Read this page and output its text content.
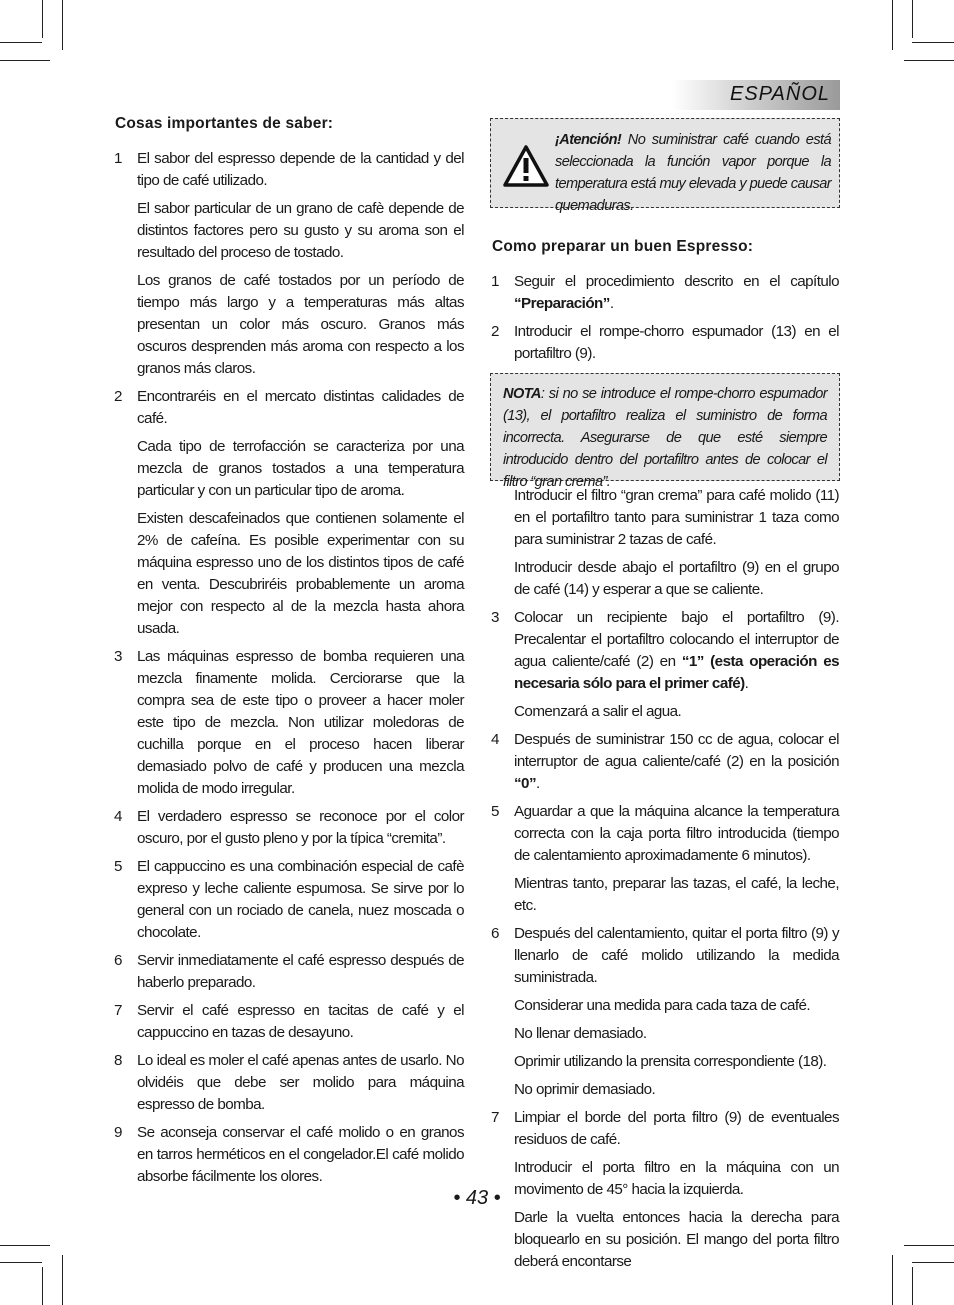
ESPAÑOL
Cosas importantes de saber:
1 El sabor del espresso depende de la cantidad y del tipo de café utilizado.

El sabor particular de un grano de cafè depende de distintos factores pero su gusto y su aroma son el resultado del proceso de tostado.

Los granos de café tostados por un período de tiempo más largo y a temperaturas más altas presentan un color más oscuro. Granos más oscuros desprenden más aroma con respecto a los granos más claros.

2 Encontraréis en el mercato distintas calidades de café.

Cada tipo de terrofacción se caracteriza por una mezcla de granos tostados a una temperatura particular y con un particular tipo de aroma.

Existen descafeinados que contienen solamente el 2% de cafeína. Es posible experimentar con su máquina espresso uno de los distintos tipos de café en venta. Descubriréis probablemente un aroma mejor con respecto al de la mezcla hasta ahora usada.

3 Las máquinas espresso de bomba requieren una mezcla finamente molida. Cerciorarse que la compra sea de este tipo o proveer a hacer moler este tipo de mezcla. Non utilizar moledoras de cuchilla porque en el proceso hacen liberar demasiado polvo de café y producen una mezcla molida de modo irregular.

4 El verdadero espresso se reconoce por el color oscuro, por el gusto pleno y por la típica “cremita”.

5 El cappuccino es una combinación especial de cafè expreso y leche caliente espumosa. Se sirve por lo general con un rociado de canela, nuez moscada o chocolate.

6 Servir inmediatamente el café espresso después de haberlo preparado.

7 Servir el café espresso en tacitas de café y el cappuccino en tazas de desayuno.

8 Lo ideal es moler el café apenas antes de usarlo. No olvidéis que debe ser molido para máquina espresso de bomba.

9 Se aconseja conservar el café molido o en granos en tarros herméticos en el congelador.El café molido absorbe fácilmente los olores.

¡Atención! No suministrar café cuando está seleccionada la función vapor porque la temperatura está muy elevada y puede causar quemaduras.
Como preparar un buen Espresso:
1 Seguir el procedimiento descrito en el capítulo “Preparación”.
2 Introducir el rompe-chorro espumador (13) en el portafiltro (9).
NOTA: si no se introduce el rompe-chorro espumador (13), el portafiltro realiza el suministro de forma incorrecta. Asegurarse de que esté siempre introducido dentro del portafiltro antes de colocar el filtro “gran crema”.
Introducir el filtro “gran crema” para café molido (11) en el portafiltro tanto para suministrar 1 taza como para suministrar 2 tazas de café.
Introducir desde abajo el portafiltro (9) en el grupo de café (14) y esperar a que se caliente.
3 Colocar un recipiente bajo el portafiltro (9). Precalentar el portafiltro colocando el interruptor de agua caliente/café (2) en “1” (esta operación es necesaria sólo para el primer café).

Comenzará a salir el agua.

4 Después de suministrar 150 cc de agua, colocar el interruptor de agua caliente/café (2) en la posición “0”.
5 Aguardar a que la máquina alcance la temperatura correcta con la caja porta filtro introducida (tiempo de calentamiento aproximadamente 6 minutos).

Mientras tanto, preparar las tazas, el café, la leche, etc.

6 Después del calentamiento, quitar el porta filtro (9) y llenarlo de café molido utilizando la medida suministrada.

Considerar una medida para cada taza de café.

No llenar demasiado.

Oprimir utilizando la prensita correspondiente (18).

No oprimir demasiado.

7 Limpiar el borde del porta filtro (9) de eventuales residuos de café.

Introducir el porta filtro en la máquina con un movimento de 45° hacia la izquierda.

Darle la vuelta entonces hacia la derecha para bloquearlo en su posición. El mango del porta filtro deberá encontarse

• 43 •
